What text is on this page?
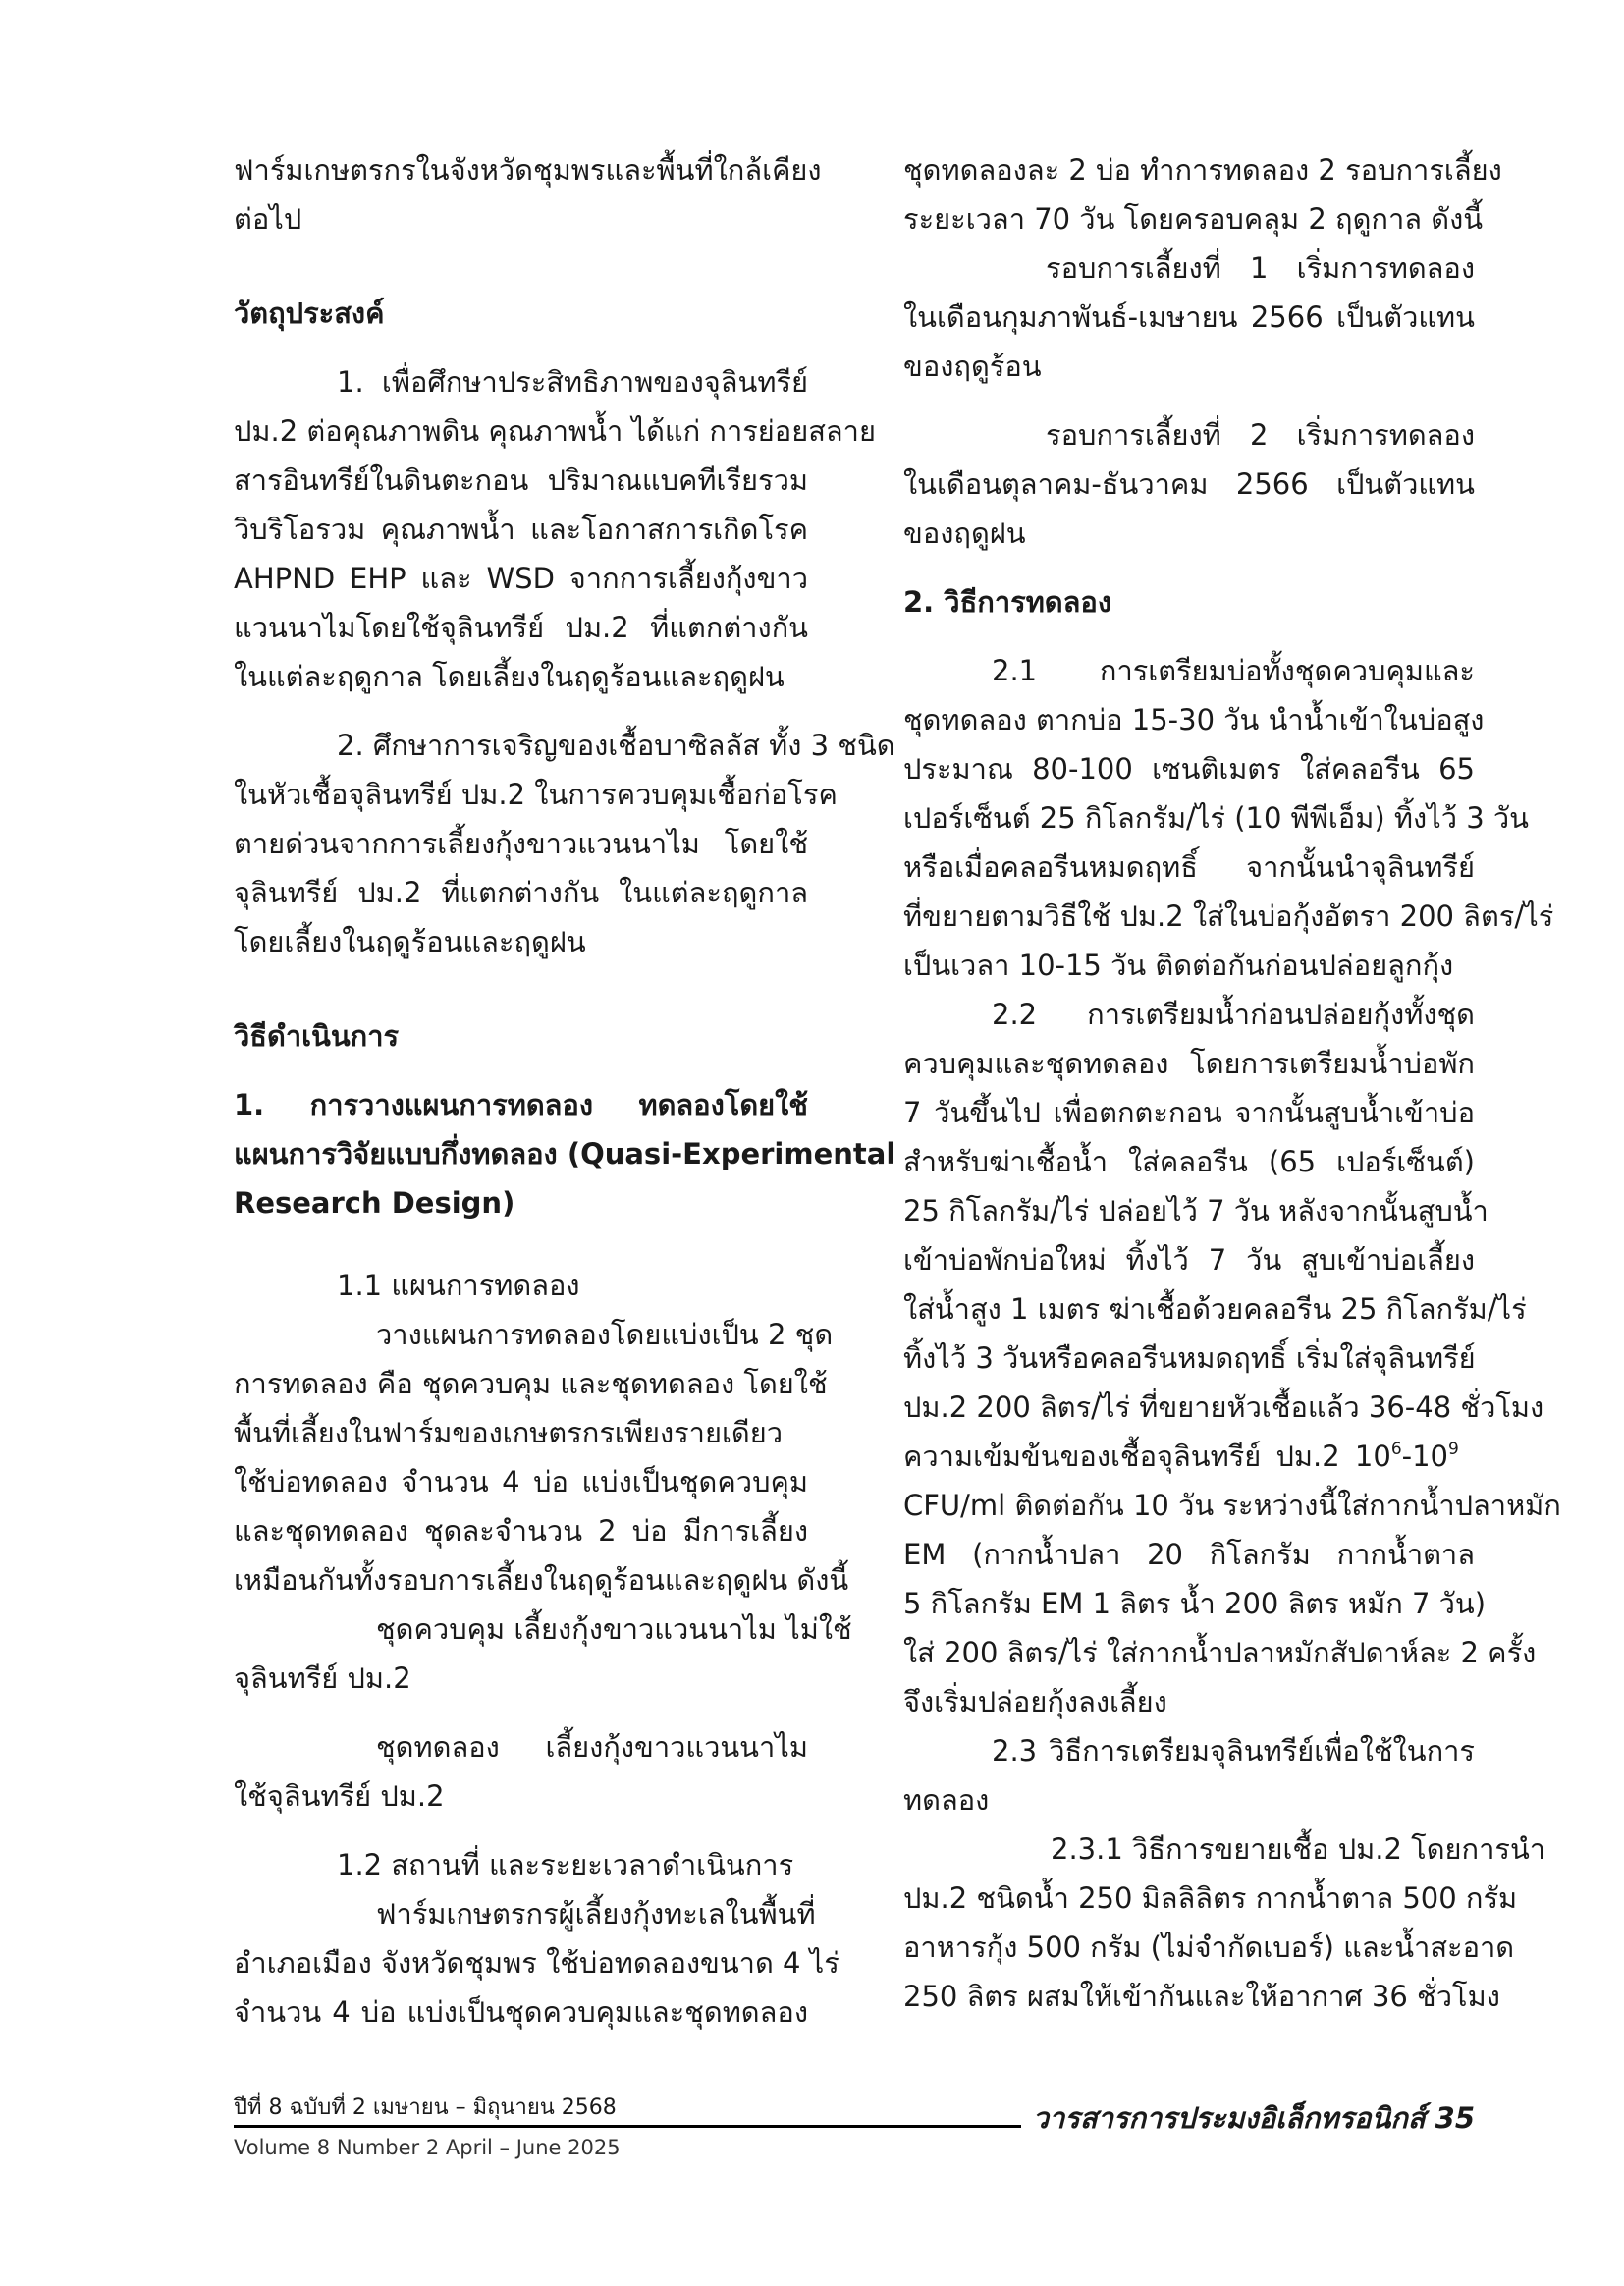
ฟาร์มเกษตรกรในจังหวัดชุมพรและพื้นที่ใกล้เคียง
ต่อไป
วัตถุประสงค์
1. เพื่อศึกษาประสิทธิภาพของจุลินทรีย์
ปม.2 ต่อคุณภาพดิน คุณภาพน้ำ ได้แก่ การย่อยสลาย
สารอินทรีย์ในดินตะกอน ปริมาณแบคทีเรียรวม
วิบริโอรวม คุณภาพน้ำ และโอกาสการเกิดโรค
AHPND EHP และ WSD จากการเลี้ยงกุ้งขาว
แวนนาไมโดยใช้จุลินทรีย์ ปม.2 ที่แตกต่างกัน
ในแต่ละฤดูกาล โดยเลี้ยงในฤดูร้อนและฤดูฝน
2. ศึกษาการเจริญของเชื้อบาซิลลัส ทั้ง 3 ชนิด
ในหัวเชื้อจุลินทรีย์ ปม.2 ในการควบคุมเชื้อก่อโรค
ตายด่วนจากการเลี้ยงกุ้งขาวแวนนาไม โดยใช้
จุลินทรีย์ ปม.2 ที่แตกต่างกัน ในแต่ละฤดูกาล
โดยเลี้ยงในฤดูร้อนและฤดูฝน
วิธีดำเนินการ
1. การวางแผนการทดลอง ทดลองโดยใช้
แผนการวิจัยแบบกึ่งทดลอง (Quasi-Experimental
Research Design)
1.1 แผนการทดลอง
วางแผนการทดลองโดยแบ่งเป็น 2 ชุด
การทดลอง คือ ชุดควบคุม และชุดทดลอง โดยใช้
พื้นที่เลี้ยงในฟาร์มของเกษตรกรเพียงรายเดียว
ใช้บ่อทดลอง จำนวน 4 บ่อ แบ่งเป็นชุดควบคุม
และชุดทดลอง ชุดละจำนวน 2 บ่อ มีการเลี้ยง
เหมือนกันทั้งรอบการเลี้ยงในฤดูร้อนและฤดูฝน ดังนี้
ชุดควบคุม เลี้ยงกุ้งขาวแวนนาไม ไม่ใช้
จุลินทรีย์ ปม.2
ชุดทดลอง เลี้ยงกุ้งขาวแวนนาไม
ใช้จุลินทรีย์ ปม.2
1.2 สถานที่ และระยะเวลาดำเนินการ
ฟาร์มเกษตรกรผู้เลี้ยงกุ้งทะเลในพื้นที่
อำเภอเมือง จังหวัดชุมพร ใช้บ่อทดลองขนาด 4 ไร่
จำนวน 4 บ่อ แบ่งเป็นชุดควบคุมและชุดทดลอง
ชุดทดลองละ 2 บ่อ ทำการทดลอง 2 รอบการเลี้ยง
ระยะเวลา 70 วัน โดยครอบคลุม 2 ฤดูกาล ดังนี้
รอบการเลี้ยงที่ 1 เริ่มการทดลอง
ในเดือนกุมภาพันธ์-เมษายน 2566 เป็นตัวแทน
ของฤดูร้อน
รอบการเลี้ยงที่ 2 เริ่มการทดลอง
ในเดือนตุลาคม-ธันวาคม 2566 เป็นตัวแทน
ของฤดูฝน
2. วิธีการทดลอง
2.1 การเตรียมบ่อทั้งชุดควบคุมและ
ชุดทดลอง ตากบ่อ 15-30 วัน นำน้ำเข้าในบ่อสูง
ประมาณ 80-100 เซนติเมตร ใส่คลอรีน 65
เปอร์เซ็นต์ 25 กิโลกรัม/ไร่ (10 พีพีเอ็ม) ทิ้งไว้ 3 วัน
หรือเมื่อคลอรีนหมดฤทธิ์ จากนั้นนำจุลินทรีย์
ที่ขยายตามวิธีใช้ ปม.2 ใส่ในบ่อกุ้งอัตรา 200 ลิตร/ไร่
เป็นเวลา 10-15 วัน ติดต่อกันก่อนปล่อยลูกกุ้ง
2.2 การเตรียมน้ำก่อนปล่อยกุ้งทั้งชุด
ควบคุมและชุดทดลอง โดยการเตรียมน้ำบ่อพัก
7 วันขึ้นไป เพื่อตกตะกอน จากนั้นสูบน้ำเข้าบ่อ
สำหรับฆ่าเชื้อน้ำ ใส่คลอรีน (65 เปอร์เซ็นต์)
25 กิโลกรัม/ไร่ ปล่อยไว้ 7 วัน หลังจากนั้นสูบน้ำ
เข้าบ่อพักบ่อใหม่ ทิ้งไว้ 7 วัน สูบเข้าบ่อเลี้ยง
ใส่น้ำสูง 1 เมตร ฆ่าเชื้อด้วยคลอรีน 25 กิโลกรัม/ไร่
ทิ้งไว้ 3 วันหรือคลอรีนหมดฤทธิ์ เริ่มใส่จุลินทรีย์
ปม.2 200 ลิตร/ไร่ ที่ขยายหัวเชื้อแล้ว 36-48 ชั่วโมง
ความเข้มข้นของเชื้อจุลินทรีย์ ปม.2 $10^6-10^9$
CFU/ml ติดต่อกัน 10 วัน ระหว่างนี้ใส่กากน้ำปลาหมัก
EM (กากน้ำปลา 20 กิโลกรัม กากน้ำตาล
5 กิโลกรัม EM 1 ลิตร น้ำ 200 ลิตร หมัก 7 วัน)
ใส่ 200 ลิตร/ไร่ ใส่กากน้ำปลาหมักสัปดาห์ละ 2 ครั้ง
จึงเริ่มปล่อยกุ้งลงเลี้ยง
2.3 วิธีการเตรียมจุลินทรีย์เพื่อใช้ในการ
ทดลอง
2.3.1 วิธีการขยายเชื้อ ปม.2 โดยการนำ
ปม.2 ชนิดน้ำ 250 มิลลิลิตร กากน้ำตาล 500 กรัม
อาหารกุ้ง 500 กรัม (ไม่จำกัดเบอร์) และน้ำสะอาด
250 ลิตร ผสมให้เข้ากันและให้อากาศ 36 ชั่วโมง
ปีที่ 8 ฉบับที่ 2 เมษายน – มิถุนายน 2568
Volume 8 Number 2 April – June 2025
วารสารการประมงอิเล็กทรอนิกส์ 35
